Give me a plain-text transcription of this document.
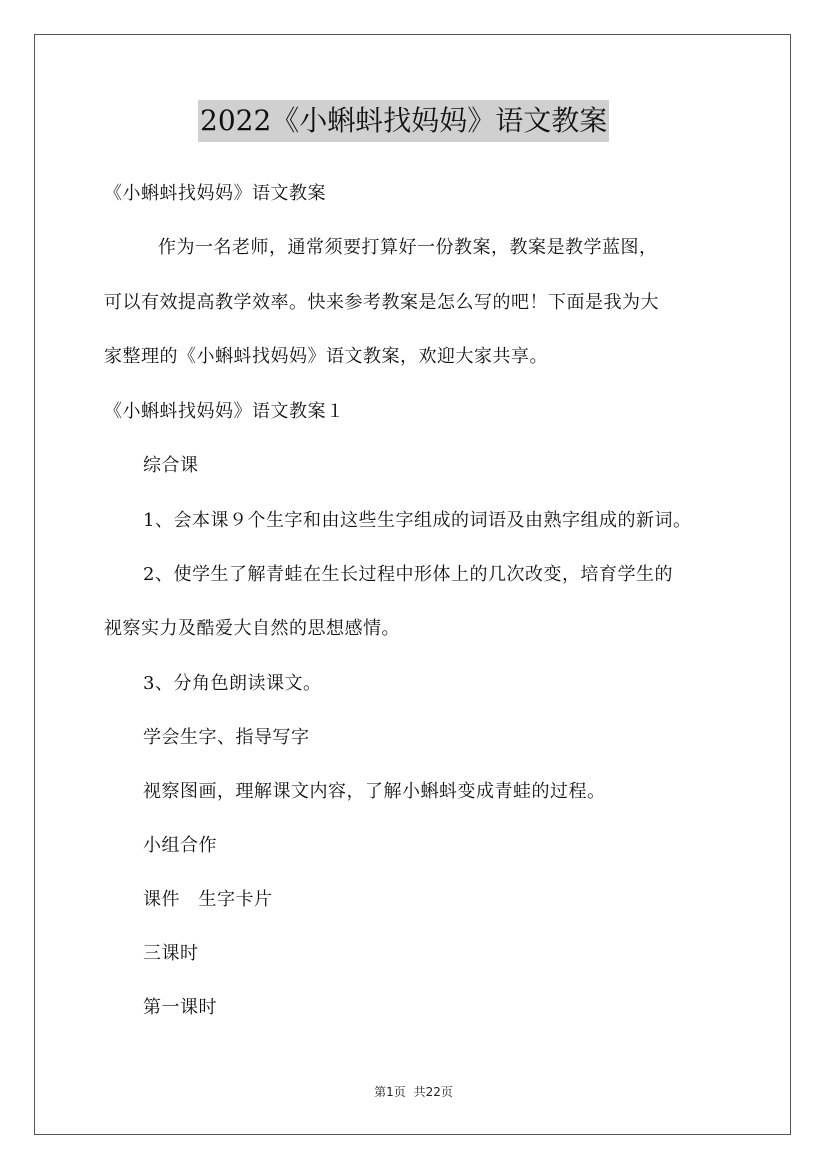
2022《小蝌蚪找妈妈》语文教案

《小蝌蚪找妈妈》语文教案

作为一名老师，通常须要打算好一份教案，教案是教学蓝图，

可以有效提高教学效率。快来参考教案是怎么写的吧！下面是我为大

家整理的《小蝌蚪找妈妈》语文教案，欢迎大家共享。

《小蝌蚪找妈妈》语文教案１

综合课

1、会本课９个生字和由这些生字组成的词语及由熟字组成的新词。

2、使学生了解青蛙在生长过程中形体上的几次改变，培育学生的

视察实力及酷爱大自然的思想感情。

3、分角色朗读课文。

学会生字、指导写字

视察图画，理解课文内容，了解小蝌蚪变成青蛙的过程。

小组合作

课件　生字卡片

三课时

第一课时

第1页 共22页
